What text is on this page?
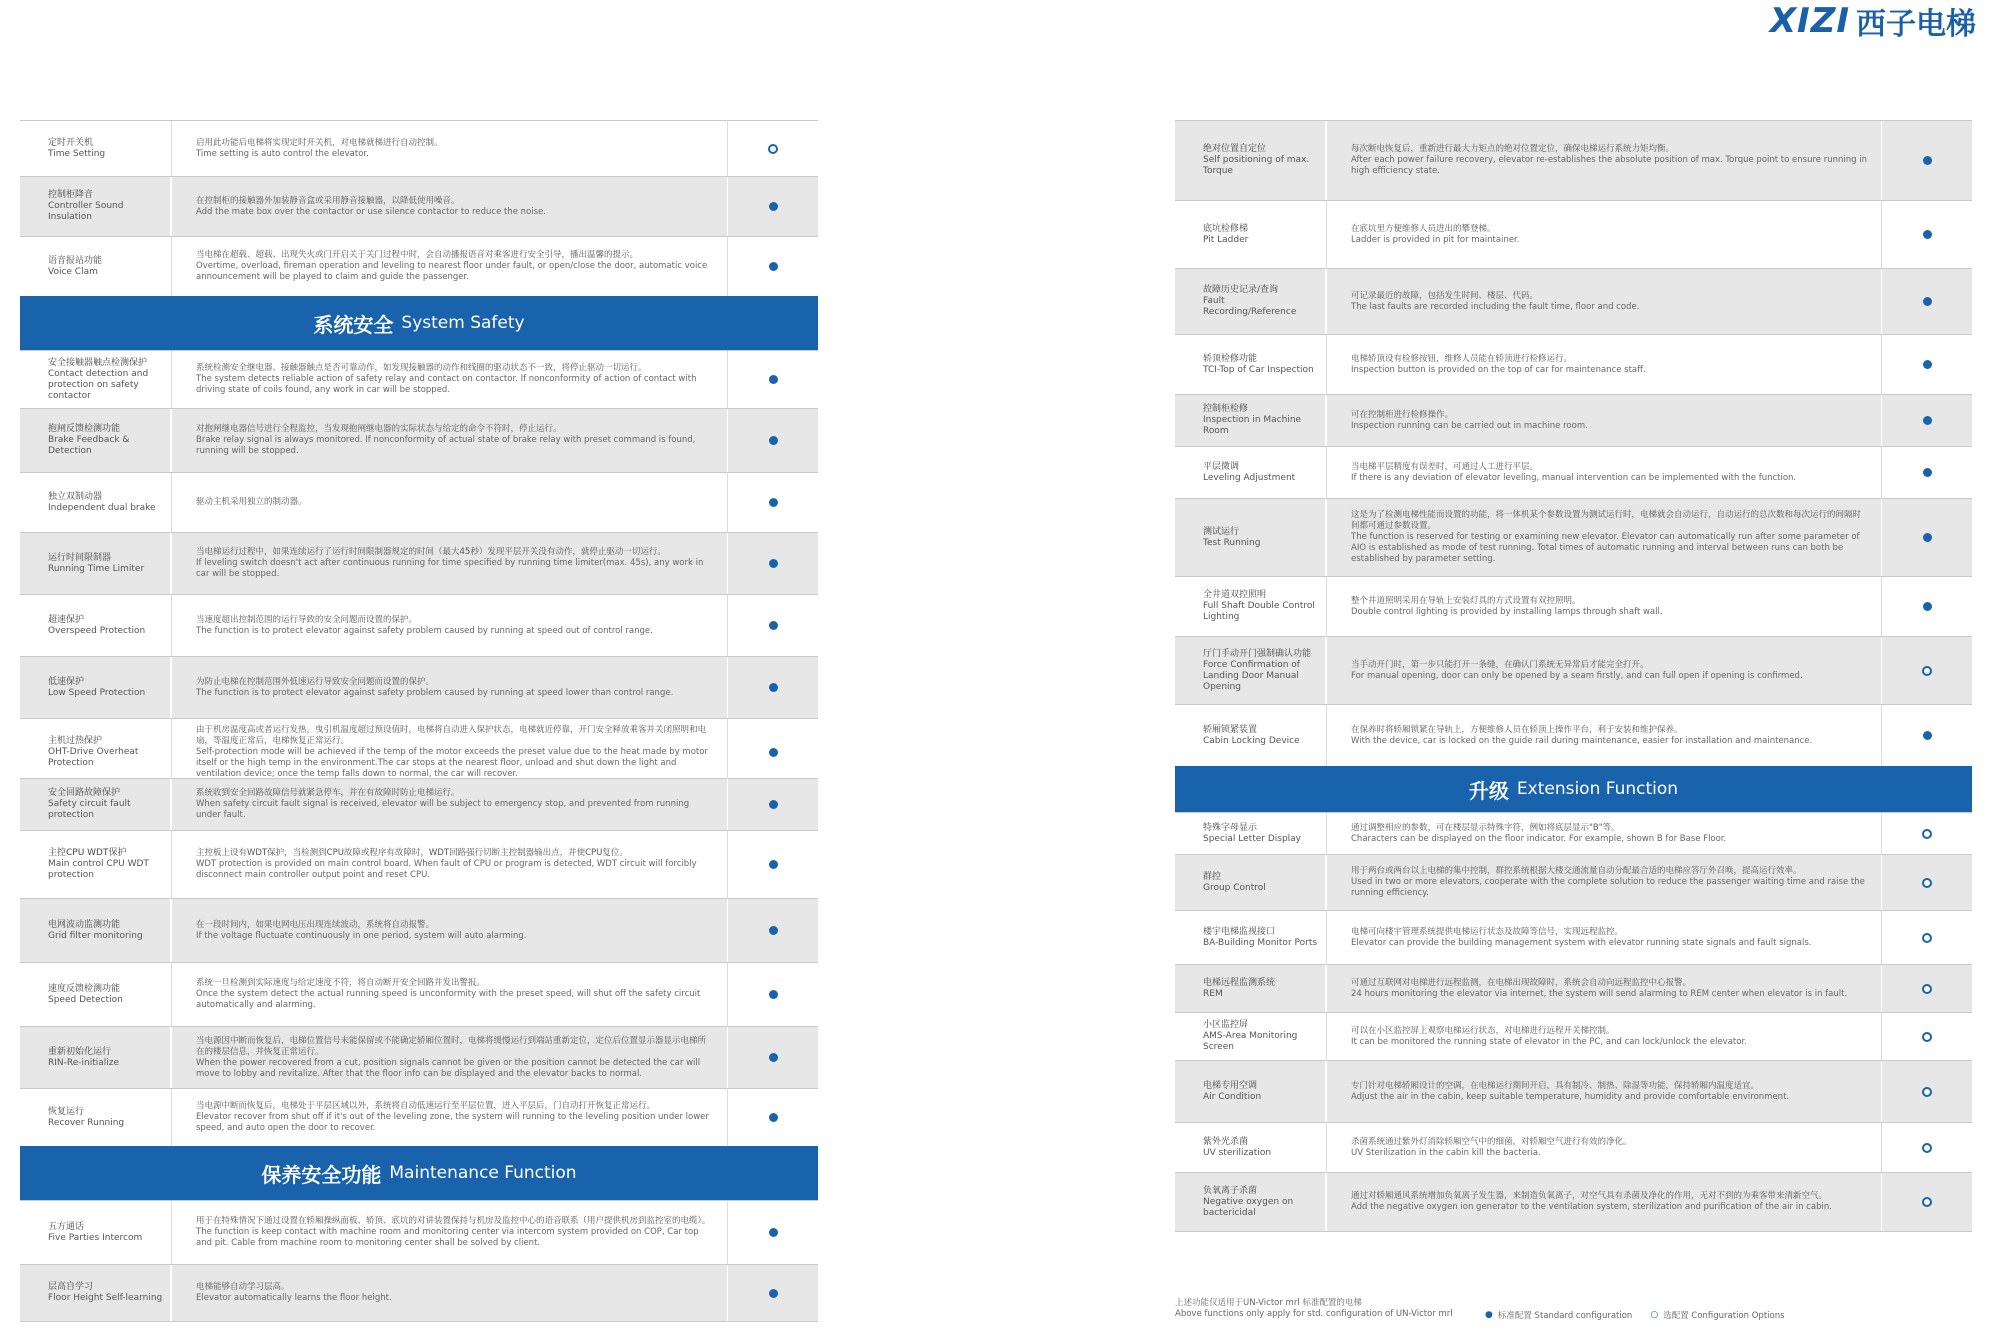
XIZI 西子电梯
定时开关机
Time Setting
启用此功能后电梯将实现定时开关机，对电梯就梯进行自动控制。
Time setting is auto control the elevator.
控制柜降音
Controller Sound Insulation
在控制柜的接触器外加装静音盒或采用静音接触器，以降低使用噪音。
Add the mate box over the contactor or use silence contactor to reduce the noise.
语音报站功能
Voice Clam
当电梯在超载、超载、出现失火或门开启关于关门过程中时，会自动播报语音对乘客进行安全引导，播出温馨的提示。
Overtime, overload, fireman operation and leveling to nearest floor under fault, or open/close the door, automatic voice announcement will be played to claim and guide the passenger.
系统安全 System Safety
安全接触器触点检测保护
Contact detection and protection on safety contactor
系统检测安全继电器、接触器触点是否可靠动作，如发现接触器的动作和线圈的驱动状态不一致，将停止驱动一切运行。
The system detects reliable action of safety relay and contact on contactor. If nonconformity of action of contact with driving state of coils found, any work in car will be stopped.
抱闸反馈检测功能
Brake Feedback & Detection
对抱闸继电器信号进行全程监控，当发现抱闸继电器的实际状态与给定的命令不符时，停止运行。
Brake relay signal is always monitored. If nonconformity of actual state of brake relay with preset command is found, running will be stopped.
独立双制动器
Independent dual brake
驱动主机采用独立的制动器。
运行时间限制器
Running Time Limiter
当电梯运行过程中，如果连续运行了运行时间限制器规定的时间（最大45秒）发现平层开关没有动作，就停止驱动一切运行。
If leveling switch doesn't act after continuous running for time specified by running time limiter(max. 45s), any work in car will be stopped.
超速保护
Overspeed Protection
当速度超出控制范围的运行导致的安全问题而设置的保护。
The function is to protect elevator against safety problem caused by running at speed out of control range.
低速保护
Low Speed Protection
为防止电梯在控制范围外低速运行导致安全问题而设置的保护。
The function is to protect elevator against safety problem caused by running at speed lower than control range.
主机过热保护
OHT-Drive Overheat Protection
由于机房温度高或者运行发热，曳引机温度超过预设值时，电梯将自动进入保护状态，电梯就近停靠，开门安全释放乘客并关闭照明和电扇，等温度正常后，电梯恢复正常运行。
Self-protection mode will be achieved if the temp of the motor exceeds the preset value due to the heat made by motor itself or the high temp in the environment.The car stops at the nearest floor, unload and shut down the light and ventilation device; once the temp falls down to normal, the car will recover.
安全回路故障保护
Safety circuit fault protection
系统收到安全回路故障信号就紧急停车，并在有故障时防止电梯运行。
When safety circuit fault signal is received, elevator will be subject to emergency stop, and prevented from running under fault.
主控CPU WDT保护
Main control CPU WDT protection
主控板上设有WDT保护，当检测到CPU故障或程序有故障时，WDT回路强行切断主控制器输出点，并使CPU复位。
WDT protection is provided on main control board. When fault of CPU or program is detected, WDT circuit will forcibly disconnect main controller output point and reset CPU.
电网波动监测功能
Grid filter monitoring
在一段时间内，如果电网电压出现连续波动，系统将自动报警。
If the voltage fluctuate continuously in one period, system will auto alarming.
速度反馈检测功能
Speed Detection
系统一旦检测到实际速度与给定速度不符，将自动断开安全回路并发出警报。
Once the system detect the actual running speed is unconformity with the preset speed, will shut off the safety circuit automatically and alarming.
重新初始化运行
RIN-Re-initialize
当电源因中断而恢复后，电梯位置信号未能保留或不能确定轿厢位置时，电梯将缓慢运行到端站重新定位，定位后位置显示器显示电梯所在的楼层信息，并恢复正常运行。
When the power recovered from a cut, position signals cannot be given or the position cannot be detected the car will move to lobby and revitalize. After that the floor info can be displayed and the elevator backs to normal.
恢复运行
Recover Running
当电源中断而恢复后，电梯处于平层区域以外，系统将自动低速运行至平层位置，进入平层后，门自动打开恢复正常运行。
Elevator recover from shut off if it's out of the leveling zone, the system will running to the leveling position under lower speed, and auto open the door to recover.
保养安全功能 Maintenance Function
五方通话
Five Parties Intercom
用于在特殊情况下通过设置在轿厢操纵面板、轿顶、底坑的对讲装置保持与机房及监控中心的语音联系（用户提供机房到监控室的电缆）。
The function is keep contact with machine room and monitoring center via intercom system provided on COP, Car top and pit. Cable from machine room to monitoring center shall be solved by client.
层高自学习
Floor Height Self-learning
电梯能够自动学习层高。
Elevator automatically learns the floor height.
绝对位置自定位
Self positioning of max. Torque
每次断电恢复后，重新进行最大力矩点的绝对位置定位，确保电梯运行系统力矩均衡。
After each power failure recovery, elevator re-establishes the absolute position of max. Torque point to ensure running in high efficiency state.
底坑检修梯
Pit Ladder
在底坑里方便维修人员进出的攀登梯。
Ladder is provided in pit for maintainer.
故障历史记录/查询
Fault Recording/Reference
可记录最近的故障，包括发生时间、楼层、代码。
The last faults are recorded including the fault time, floor and code.
轿顶检修功能
TCI-Top of Car Inspection
电梯轿顶设有检修按钮，维修人员能在轿顶进行检修运行。
Inspection button is provided on the top of car for maintenance staff.
控制柜检修
Inspection in Machine Room
可在控制柜进行检修操作。
Inspection running can be carried out in machine room.
平层微调
Leveling Adjustment
当电梯平层精度有误差时，可通过人工进行平层。
If there is any deviation of elevator leveling, manual intervention can be implemented with the function.
测试运行
Test Running
这是为了检测电梯性能而设置的功能，将一体机某个参数设置为测试运行时，电梯就会自动运行，自动运行的总次数和每次运行的间隔时间都可通过参数设置。
The function is reserved for testing or examining new elevator. Elevator can automatically run after some parameter of AIO is established as mode of test running. Total times of automatic running and interval between runs can both be established by parameter setting.
全井道双控照明
Full Shaft Double Control Lighting
整个井道照明采用在导轨上安装灯具的方式设置有双控照明。
Double control lighting is provided by installing lamps through shaft wall.
厅门手动开门强制确认功能
Force Confirmation of Landing Door Manual Opening
当手动开门时，第一步只能打开一条缝，在确认门系统无异常后才能完全打开。
For manual opening, door can only be opened by a seam firstly, and can full open if opening is confirmed.
轿厢锁紧装置
Cabin Locking Device
在保养时将轿厢锁紧在导轨上，方便维修人员在轿顶上操作平台，利于安装和维护保养。
With the device, car is locked on the guide rail during maintenance, easier for installation and maintenance.
升级 Extension Function
特殊字母显示
Special Letter Display
通过调整相应的参数，可在楼层显示特殊字符，例如将底层显示"B"等。
Characters can be displayed on the floor indicator. For example, shown B for Base Floor.
群控
Group Control
用于两台或两台以上电梯的集中控制，群控系统根据大楼交通流量自动分配最合适的电梯应答厅外召唤，提高运行效率。
Used in two or more elevators, cooperate with the complete solution to reduce the passenger waiting time and raise the running efficiency.
楼宇电梯监视接口
BA-Building Monitor Ports
电梯可向楼宇管理系统提供电梯运行状态及故障等信号，实现远程监控。
Elevator can provide the building management system with elevator running state signals and fault signals.
电梯远程监测系统
REM
可通过互联网对电梯进行远程监测，在电梯出现故障时，系统会自动向远程监控中心报警。
24 hours monitoring the elevator via internet, the system will send alarming to REM center when elevator is in fault.
小区监控屏
AMS-Area Monitoring Screen
可以在小区监控屏上观察电梯运行状态，对电梯进行远程开关梯控制。
It can be monitored the running state of elevator in the PC, and can lock/unlock the elevator.
电梯专用空调
Air Condition
专门针对电梯轿厢设计的空调，在电梯运行期间开启，具有制冷、制热、除湿等功能，保持轿厢内温度适宜。
Adjust the air in the cabin, keep suitable temperature, humidity and provide comfortable environment.
紫外光杀菌
UV sterilization
杀菌系统通过紫外灯消除轿厢空气中的细菌，对轿厢空气进行有效的净化。
UV Sterilization in the cabin kill the bacteria.
负氧离子杀菌
Negative oxygen on bactericidal
通过对轿厢通风系统增加负氧离子发生器，来制造负氧离子，对空气具有杀菌及净化的作用，无对不到的为乘客带来清新空气。
Add the negative oxygen ion generator to the ventilation system, sterilization and purification of the air in cabin.
上述功能仅适用于UN-Victor mrl 标准配置的电梯
Above functions only apply for std. configuration of UN-Victor mrl	● 标准配置 Standard configuration ○ 选配置 Configuration Options
